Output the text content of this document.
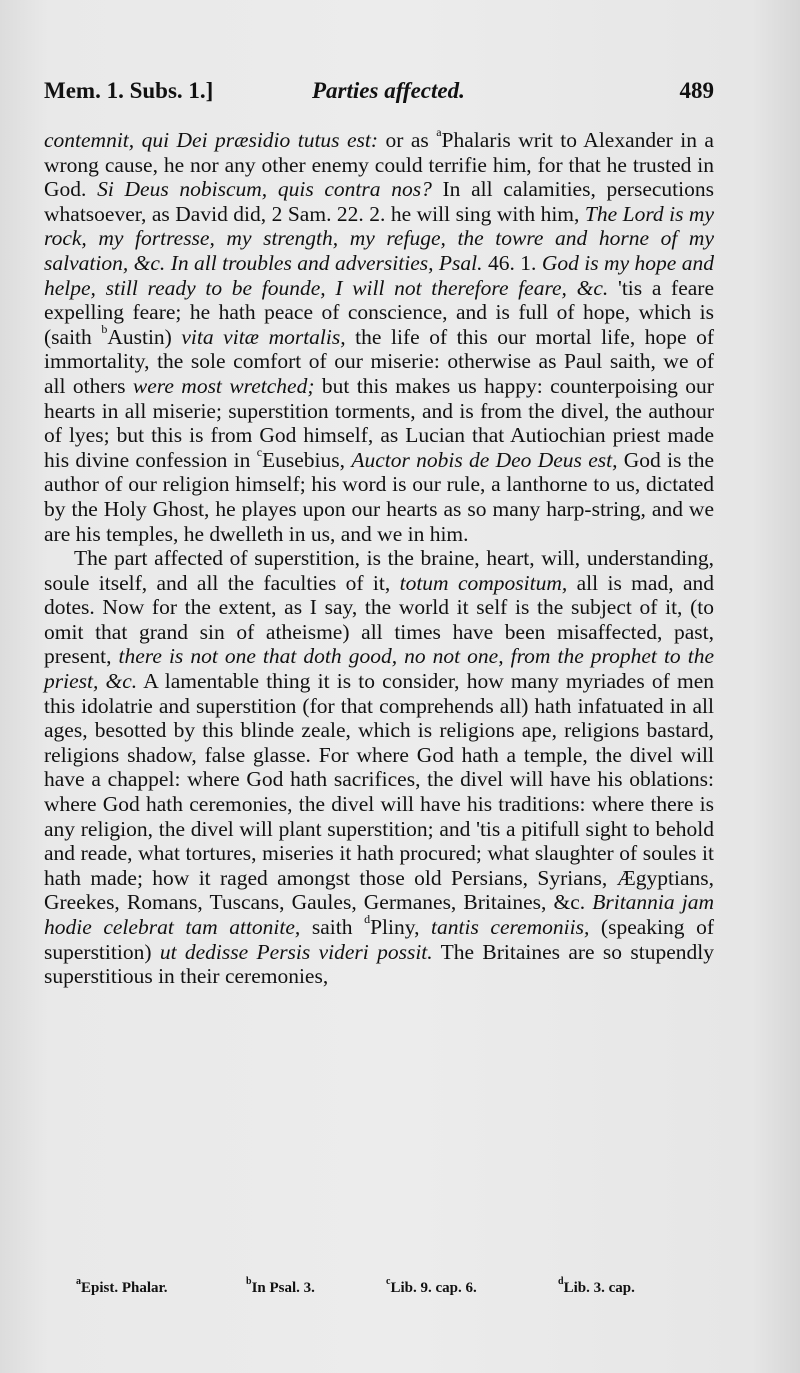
Mem. 1. Subs. 1.]	Parties affected.	489

contemnit, qui Dei præsidio tutus est: or as $^a$Phalaris writ to Alexander in a wrong cause, he nor any other enemy could terrifie him, for that he trusted in God. Si Deus nobiscum, quis contra nos? In all calamities, persecutions whatsoever, as David did, 2 Sam. 22. 2. he will sing with him, The Lord is my rock, my fortresse, my strength, my refuge, the towre and horne of my salvation, &c. In all troubles and adversities, Psal. 46. 1. God is my hope and helpe, still ready to be founde, I will not therefore feare, &c. 'tis a feare expelling feare; he hath peace of conscience, and is full of hope, which is (saith $^b$Austin) vita vitæ mortalis, the life of this our mortal life, hope of immortality, the sole comfort of our miserie: otherwise as Paul saith, we of all others were most wretched; but this makes us happy: counterpoising our hearts in all miserie; superstition torments, and is from the divel, the authour of lyes; but this is from God himself, as Lucian that Autiochian priest made his divine confession in $^c$Eusebius, Auctor nobis de Deo Deus est, God is the author of our religion himself; his word is our rule, a lanthorne to us, dictated by the Holy Ghost, he playes upon our hearts as so many harp-string, and we are his temples, he dwelleth in us, and we in him.

The part affected of superstition, is the braine, heart, will, understanding, soule itself, and all the faculties of it, totum compositum, all is mad, and dotes. Now for the extent, as I say, the world it self is the subject of it, (to omit that grand sin of atheisme) all times have been misaffected, past, present, there is not one that doth good, no not one, from the prophet to the priest, &c. A lamentable thing it is to consider, how many myriades of men this idolatrie and superstition (for that comprehends all) hath infatuated in all ages, besotted by this blinde zeale, which is religions ape, religions bastard, religions shadow, false glasse. For where God hath a temple, the divel will have a chappel: where God hath sacrifices, the divel will have his oblations: where God hath ceremonies, the divel will have his traditions: where there is any religion, the divel will plant superstition; and 'tis a pitifull sight to behold and reade, what tortures, miseries it hath procured; what slaughter of soules it hath made; how it raged amongst those old Persians, Syrians, Ægyptians, Greekes, Romans, Tuscans, Gaules, Germanes, Britaines, &c. Britannia jam hodie celebrat tam attonite, saith $^d$Pliny, tantis ceremoniis, (speaking of superstition) ut dedisse Persis videri possit. The Britaines are so stupendly superstitious in their ceremonies,

$^a$Epist. Phalar.	$^b$In Psal. 3.	$^c$Lib. 9. cap. 6.	$^d$Lib. 3. cap.
